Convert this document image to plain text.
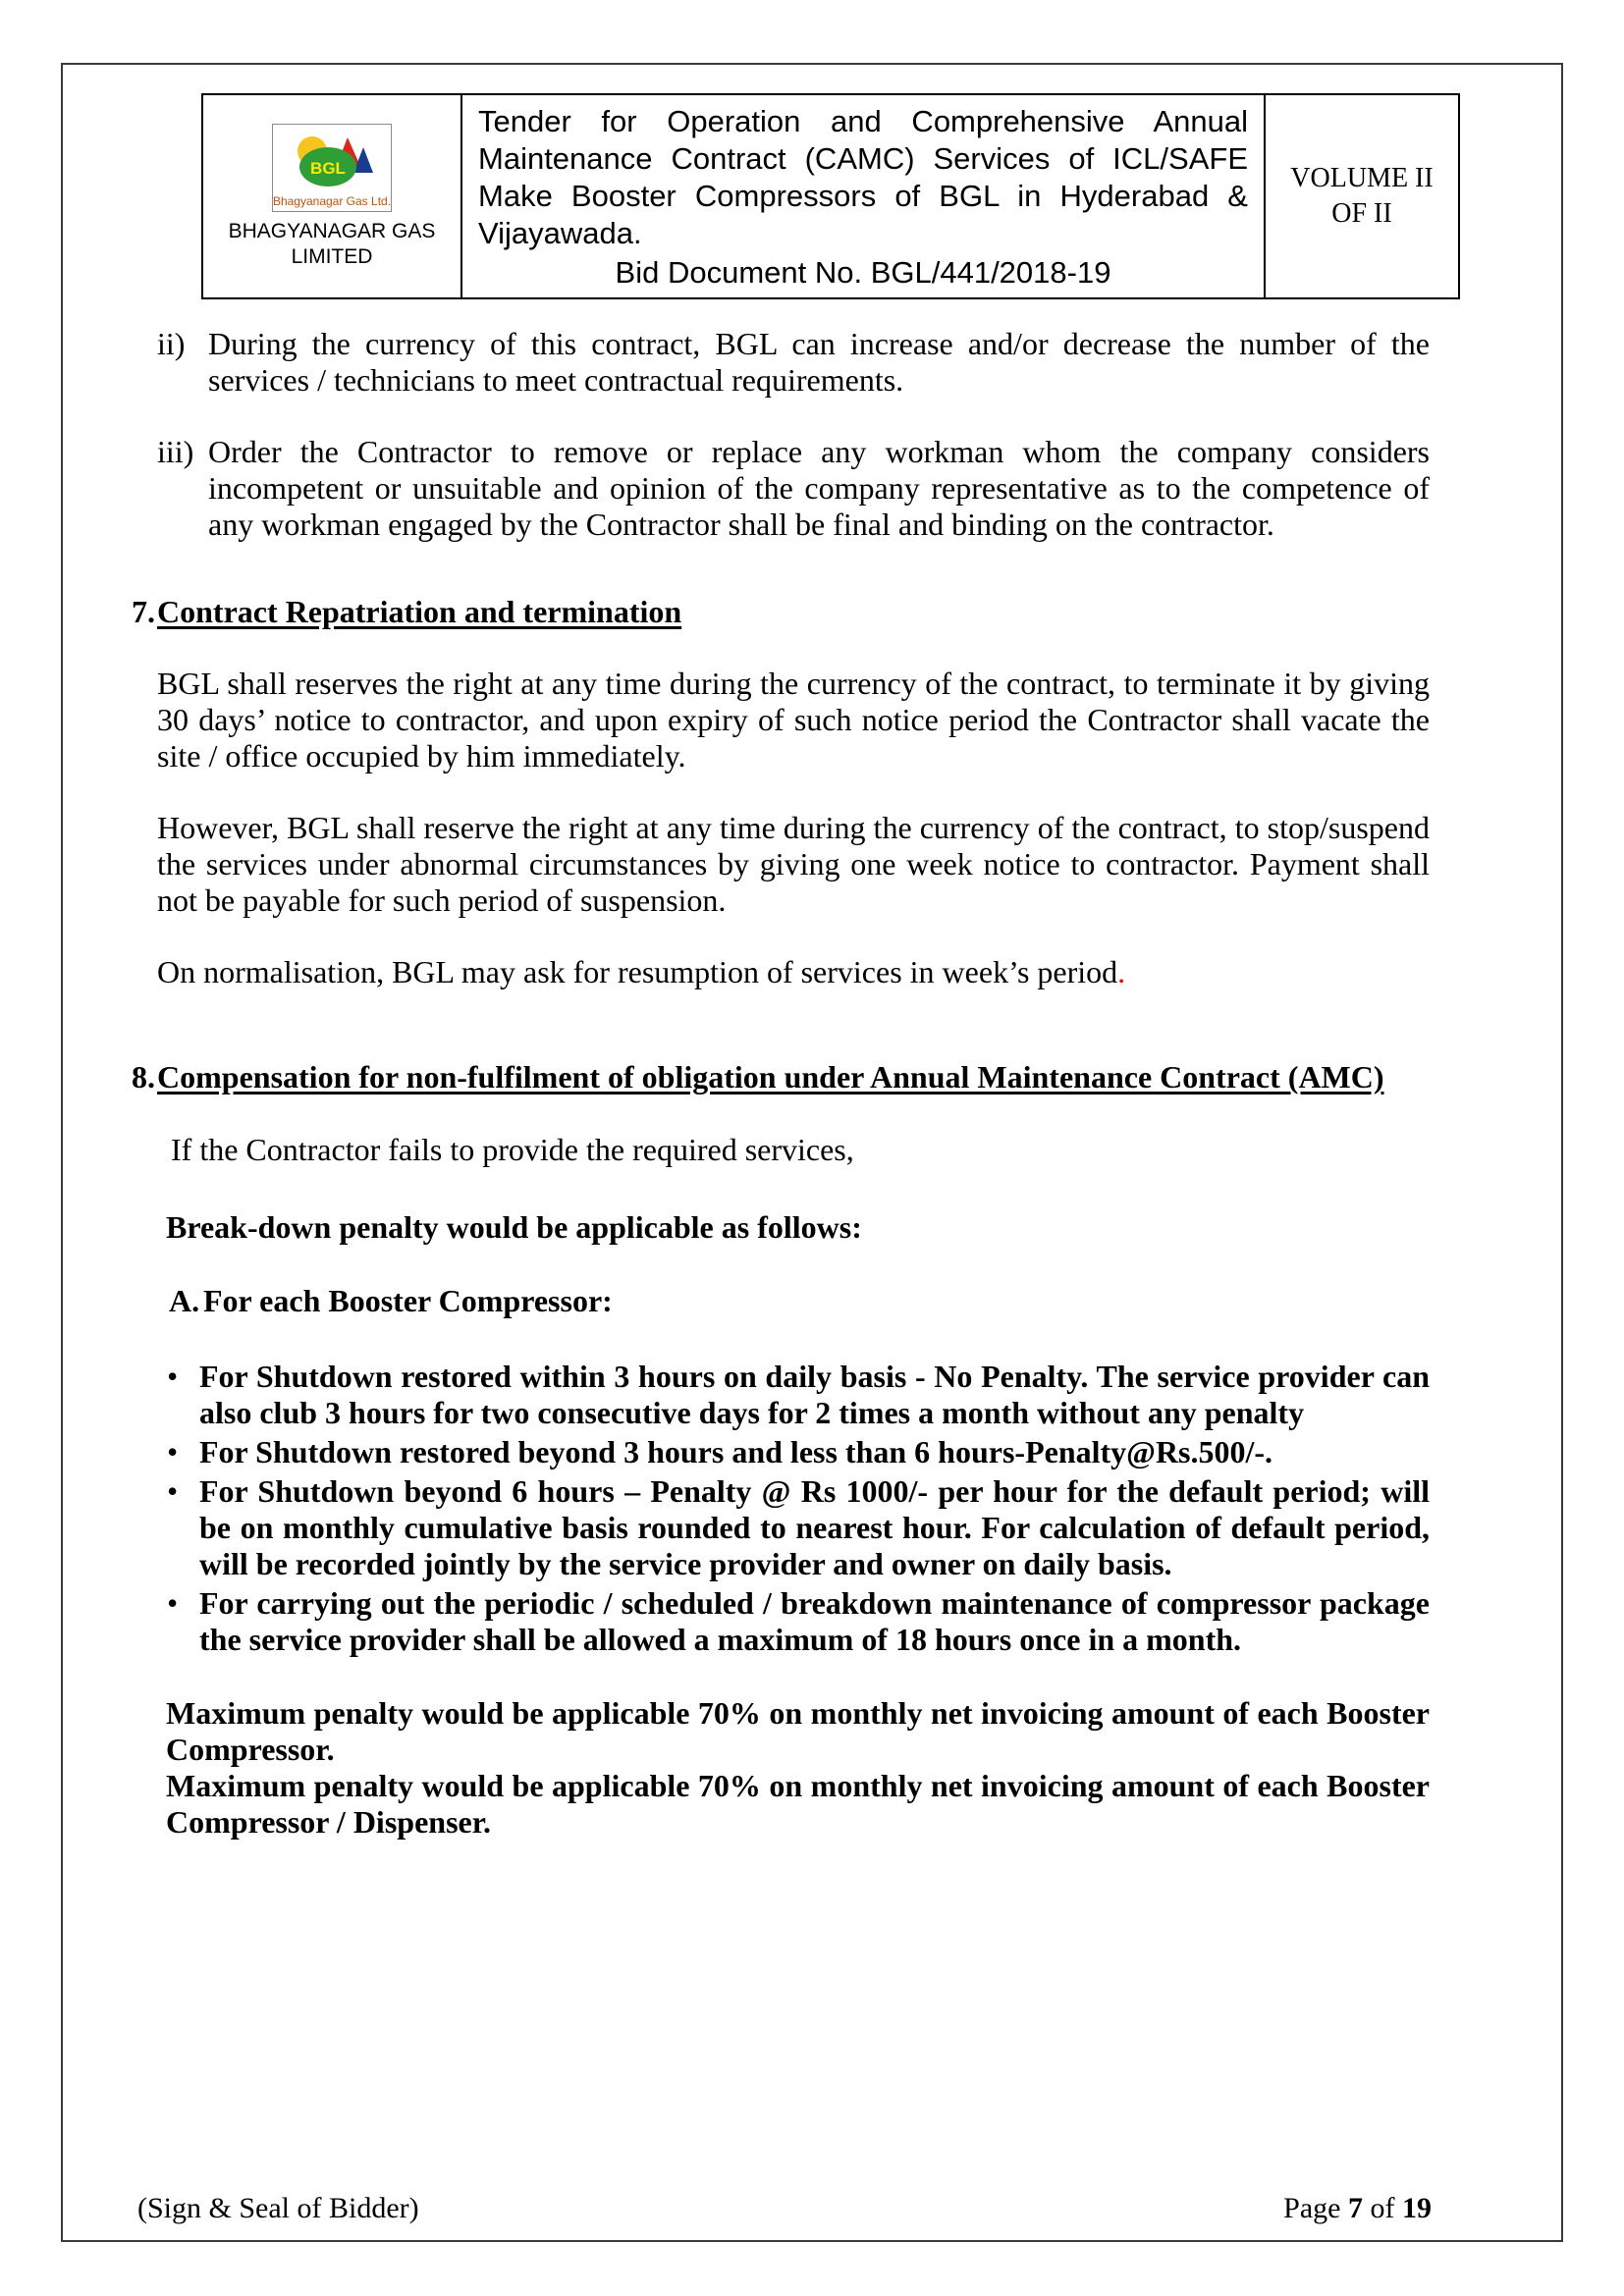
BGL
Bhagyanagar Gas Ltd.
BHAGYANAGAR GAS
LIMITED
Tender for Operation and Comprehensive Annual Maintenance Contract (CAMC) Services of ICL/SAFE Make Booster Compressors of BGL in Hyderabad & Vijayawada.
Bid Document No. BGL/441/2018-19
VOLUME II
OF II
ii) During the currency of this contract, BGL can increase and/or decrease the number of the services / technicians to meet contractual requirements.
iii) Order the Contractor to remove or replace any workman whom the company considers incompetent or unsuitable and opinion of the company representative as to the competence of any workman engaged by the Contractor shall be final and binding on the contractor.
7. Contract Repatriation and termination

BGL shall reserves the right at any time during the currency of the contract, to terminate it by giving 30 days’ notice to contractor, and upon expiry of such notice period the Contractor shall vacate the site / office occupied by him immediately.

However, BGL shall reserve the right at any time during the currency of the contract, to stop/suspend the services under abnormal circumstances by giving one week notice to contractor. Payment shall not be payable for such period of suspension.

On normalisation, BGL may ask for resumption of services in week’s period.

8. Compensation for non-fulfilment of obligation under Annual Maintenance Contract (AMC)

If the Contractor fails to provide the required services,

Break-down penalty would be applicable as follows:

A. For each Booster Compressor:
• For Shutdown restored within 3 hours on daily basis - No Penalty. The service provider can also club 3 hours for two consecutive days for 2 times a month without any penalty
• For Shutdown restored beyond 3 hours and less than 6 hours-Penalty@Rs.500/-.
• For Shutdown beyond 6 hours – Penalty @ Rs 1000/- per hour for the default period; will be on monthly cumulative basis rounded to nearest hour. For calculation of default period, will be recorded jointly by the service provider and owner on daily basis.
• For carrying out the periodic / scheduled / breakdown maintenance of compressor package the service provider shall be allowed a maximum of 18 hours once in a month.

Maximum penalty would be applicable 70% on monthly net invoicing amount of each Booster Compressor.

Maximum penalty would be applicable 70% on monthly net invoicing amount of each Booster Compressor / Dispenser.

(Sign & Seal of Bidder)	Page 7 of 19
